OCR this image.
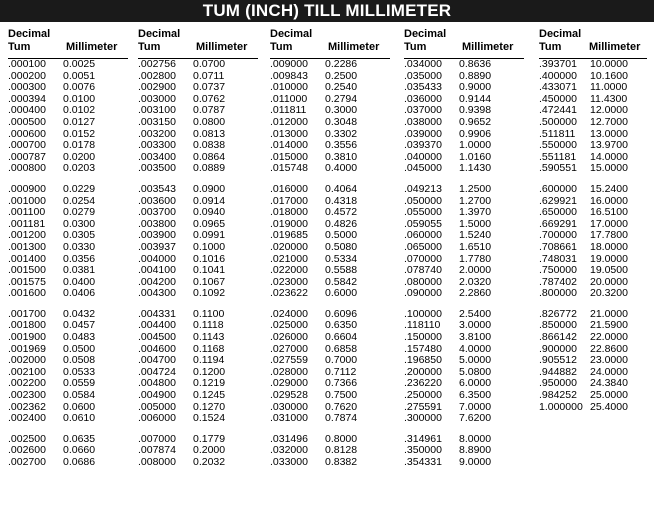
TUM (INCH) TILL MILLIMETER
Decimal
Tum	Millimeter
.000100 0.0025
.000200 0.0051
.000300 0.0076
.000394 0.0100
.000400 0.0102
.000500 0.0127
.000600 0.0152
.000700 0.0178
.000787 0.0200
.000800 0.0203
.000900 0.0229
.001000 0.0254
.001100 0.0279
.001181 0.0300
.001200 0.0305
.001300 0.0330
.001400 0.0356
.001500 0.0381
.001575 0.0400
.001600 0.0406
.001700 0.0432
.001800 0.0457
.001900 0.0483
.001969 0.0500
.002000 0.0508
.002100 0.0533
.002200 0.0559
.002300 0.0584
.002362 0.0600
.002400 0.0610
.002500 0.0635
.002600 0.0660
.002700 0.0686
Decimal
Tum	Millimeter
.002756 0.0700
.002800 0.0711
.002900 0.0737
.003000 0.0762
.003100 0.0787
.003150 0.0800
.003200 0.0813
.003300 0.0838
.003400 0.0864
.003500 0.0889
.003543 0.0900
.003600 0.0914
.003700 0.0940
.003800 0.0965
.003900 0.0991
.003937 0.1000
.004000 0.1016
.004100 0.1041
.004200 0.1067
.004300 0.1092
.004331 0.1100
.004400 0.1118
.004500 0.1143
.004600 0.1168
.004700 0.1194
.004724 0.1200
.004800 0.1219
.004900 0.1245
.005000 0.1270
.006000 0.1524
.007000 0.1779
.007874 0.2000
.008000 0.2032
Decimal
Tum	Millimeter
.009000 0.2286
.009843 0.2500
.010000 0.2540
.011000 0.2794
.011811 0.3000
.012000 0.3048
.013000 0.3302
.014000 0.3556
.015000 0.3810
.015748 0.4000
.016000 0.4064
.017000 0.4318
.018000 0.4572
.019000 0.4826
.019685 0.5000
.020000 0.5080
.021000 0.5334
.022000 0.5588
.023000 0.5842
.023622 0.6000
.024000 0.6096
.025000 0.6350
.026000 0.6604
.027000 0.6858
.027559 0.7000
.028000 0.7112
.029000 0.7366
.029528 0.7500
.030000 0.7620
.031000 0.7874
.031496 0.8000
.032000 0.8128
.033000 0.8382
Decimal
Tum	Millimeter
.034000 0.8636
.035000 0.8890
.035433 0.9000
.036000 0.9144
.037000 0.9398
.038000 0.9652
.039000 0.9906
.039370 1.0000
.040000 1.0160
.045000 1.1430
.049213 1.2500
.050000 1.2700
.055000 1.3970
.059055 1.5000
.060000 1.5240
.065000 1.6510
.070000 1.7780
.078740 2.0000
.080000 2.0320
.090000 2.2860
.100000 2.5400
.118110 3.0000
.150000 3.8100
.157480 4.0000
.196850 5.0000
.200000 5.0800
.236220 6.0000
.250000 6.3500
.275591 7.0000
.300000 7.6200
.314961 8.0000
.350000 8.8900
.354331 9.0000
Decimal
Tum	Millimeter
.393701 10.0000
.400000 10.1600
.433071 11.0000
.450000 11.4300
.472441 12.0000
.500000 12.7000
.511811 13.0000
.550000 13.9700
.551181 14.0000
.590551 15.0000
.600000 15.2400
.629921 16.0000
.650000 16.5100
.669291 17.0000
.700000 17.7800
.708661 18.0000
.748031 19.0000
.750000 19.0500
.787402 20.0000
.800000 20.3200
.826772 21.0000
.850000 21.5900
.866142 22.0000
.900000 22.8600
.905512 23.0000
.944882 24.0000
.950000 24.3840
.984252 25.0000
1.000000 25.4000
